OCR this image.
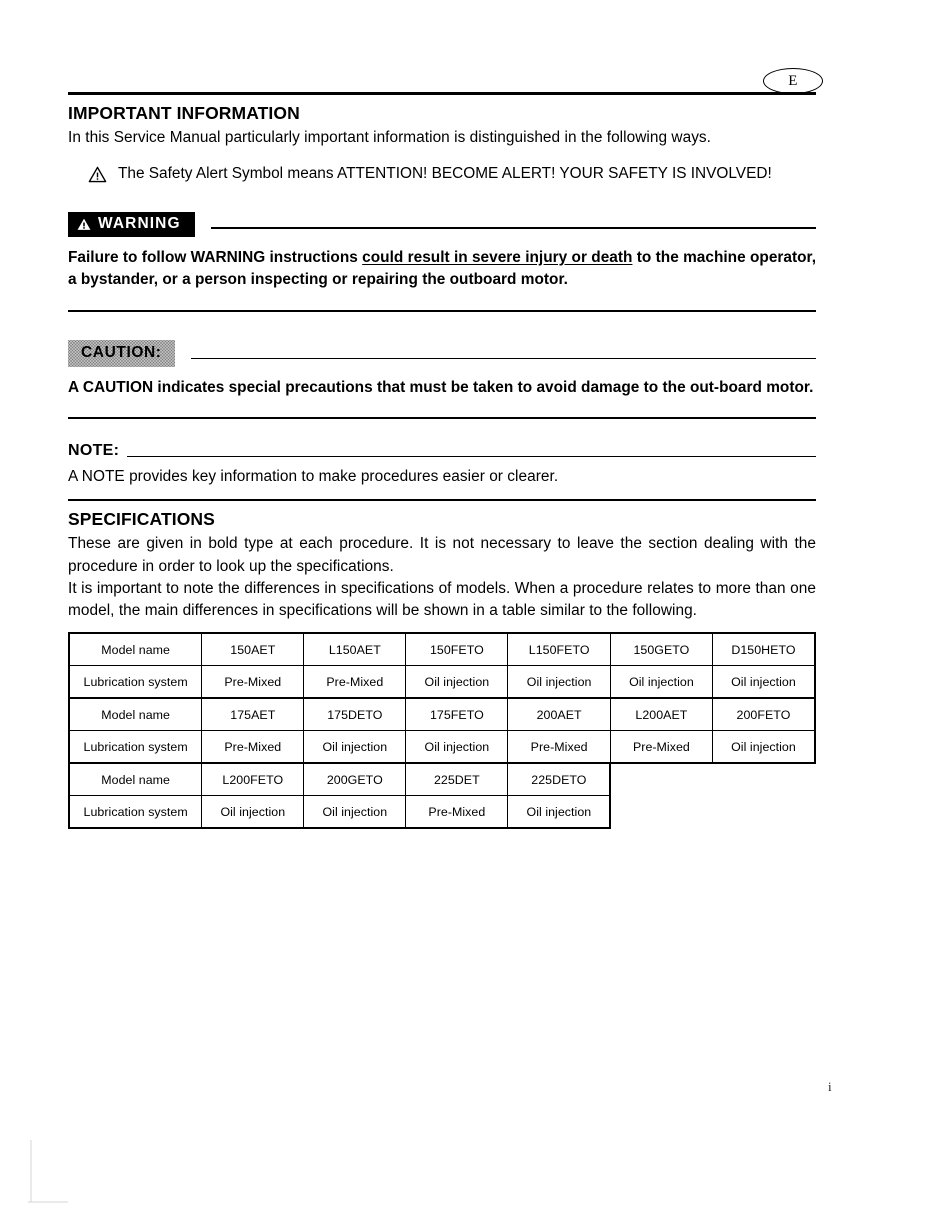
E
IMPORTANT INFORMATION

In this Service Manual particularly important information is distinguished in the following ways.

The Safety Alert Symbol means ATTENTION! BECOME ALERT! YOUR SAFETY IS INVOLVED!
WARNING

Failure to follow WARNING instructions could result in severe injury or death to the machine operator, a bystander, or a person inspecting or repairing the outboard motor.

CAUTION:

A CAUTION indicates special precautions that must be taken to avoid damage to the out-board motor.

NOTE:

A NOTE provides key information to make procedures easier or clearer.

SPECIFICATIONS

These are given in bold type at each procedure. It is not necessary to leave the section dealing with the procedure in order to look up the specifications.

It is important to note the differences in specifications of models. When a procedure relates to more than one model, the main differences in specifications will be shown in a table similar to the following.

Model name	150AET	L150AET	150FETO	L150FETO	150GETO	D150HETO
Lubrication system	Pre-Mixed	Pre-Mixed	Oil injection	Oil injection	Oil injection	Oil injection
Model name	175AET	175DETO	175FETO	200AET	L200AET	200FETO
Lubrication system	Pre-Mixed	Oil injection	Oil injection	Pre-Mixed	Pre-Mixed	Oil injection
Model name	L200FETO	200GETO	225DET	225DETO		
Lubrication system	Oil injection	Oil injection	Pre-Mixed	Oil injection		
i
